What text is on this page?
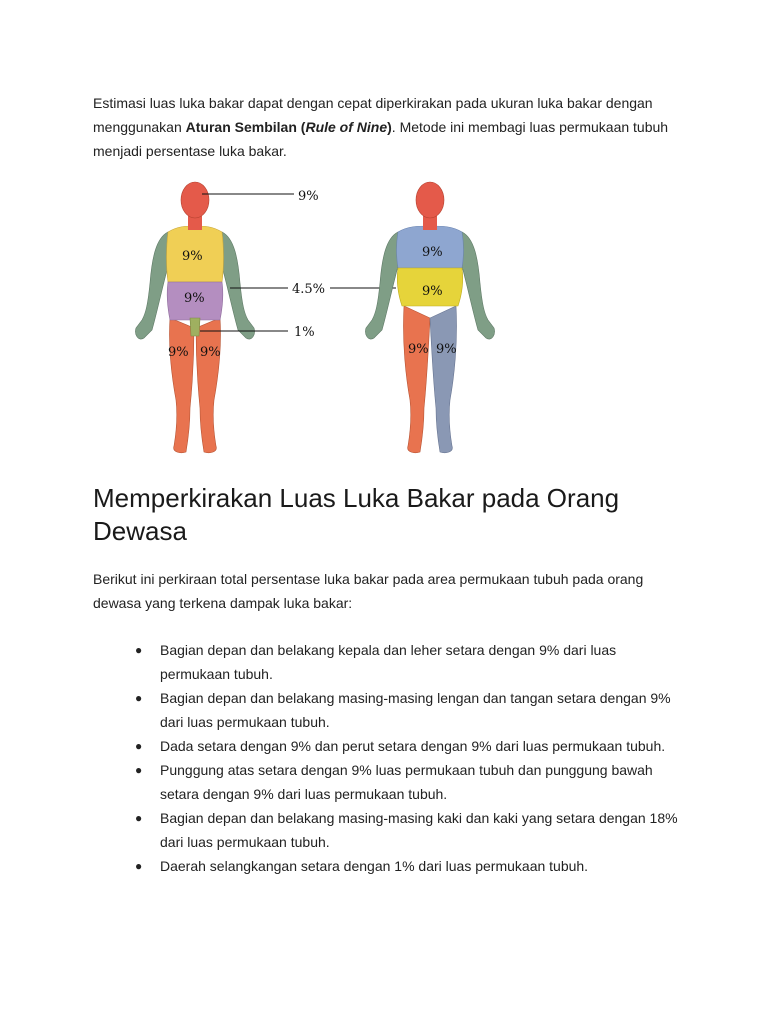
Estimasi luas luka bakar dapat dengan cepat diperkirakan pada ukuran luka bakar dengan menggunakan Aturan Sembilan (Rule of Nine). Metode ini membagi luas permukaan tubuh menjadi persentase luka bakar.

9%
9%
9% 9%
9%
4.5%
1%
9%
9%
9% 9%
Memperkirakan Luas Luka Bakar pada Orang Dewasa

Berikut ini perkiraan total persentase luka bakar pada area permukaan tubuh pada orang dewasa yang terkena dampak luka bakar:

● Bagian depan dan belakang kepala dan leher setara dengan 9% dari luas permukaan tubuh.
● Bagian depan dan belakang masing-masing lengan dan tangan setara dengan 9% dari luas permukaan tubuh.
● Dada setara dengan 9% dan perut setara dengan 9% dari luas permukaan tubuh.
● Punggung atas setara dengan 9% luas permukaan tubuh dan punggung bawah setara dengan 9% dari luas permukaan tubuh.
● Bagian depan dan belakang masing-masing kaki dan kaki yang setara dengan 18% dari luas permukaan tubuh.
● Daerah selangkangan setara dengan 1% dari luas permukaan tubuh.
